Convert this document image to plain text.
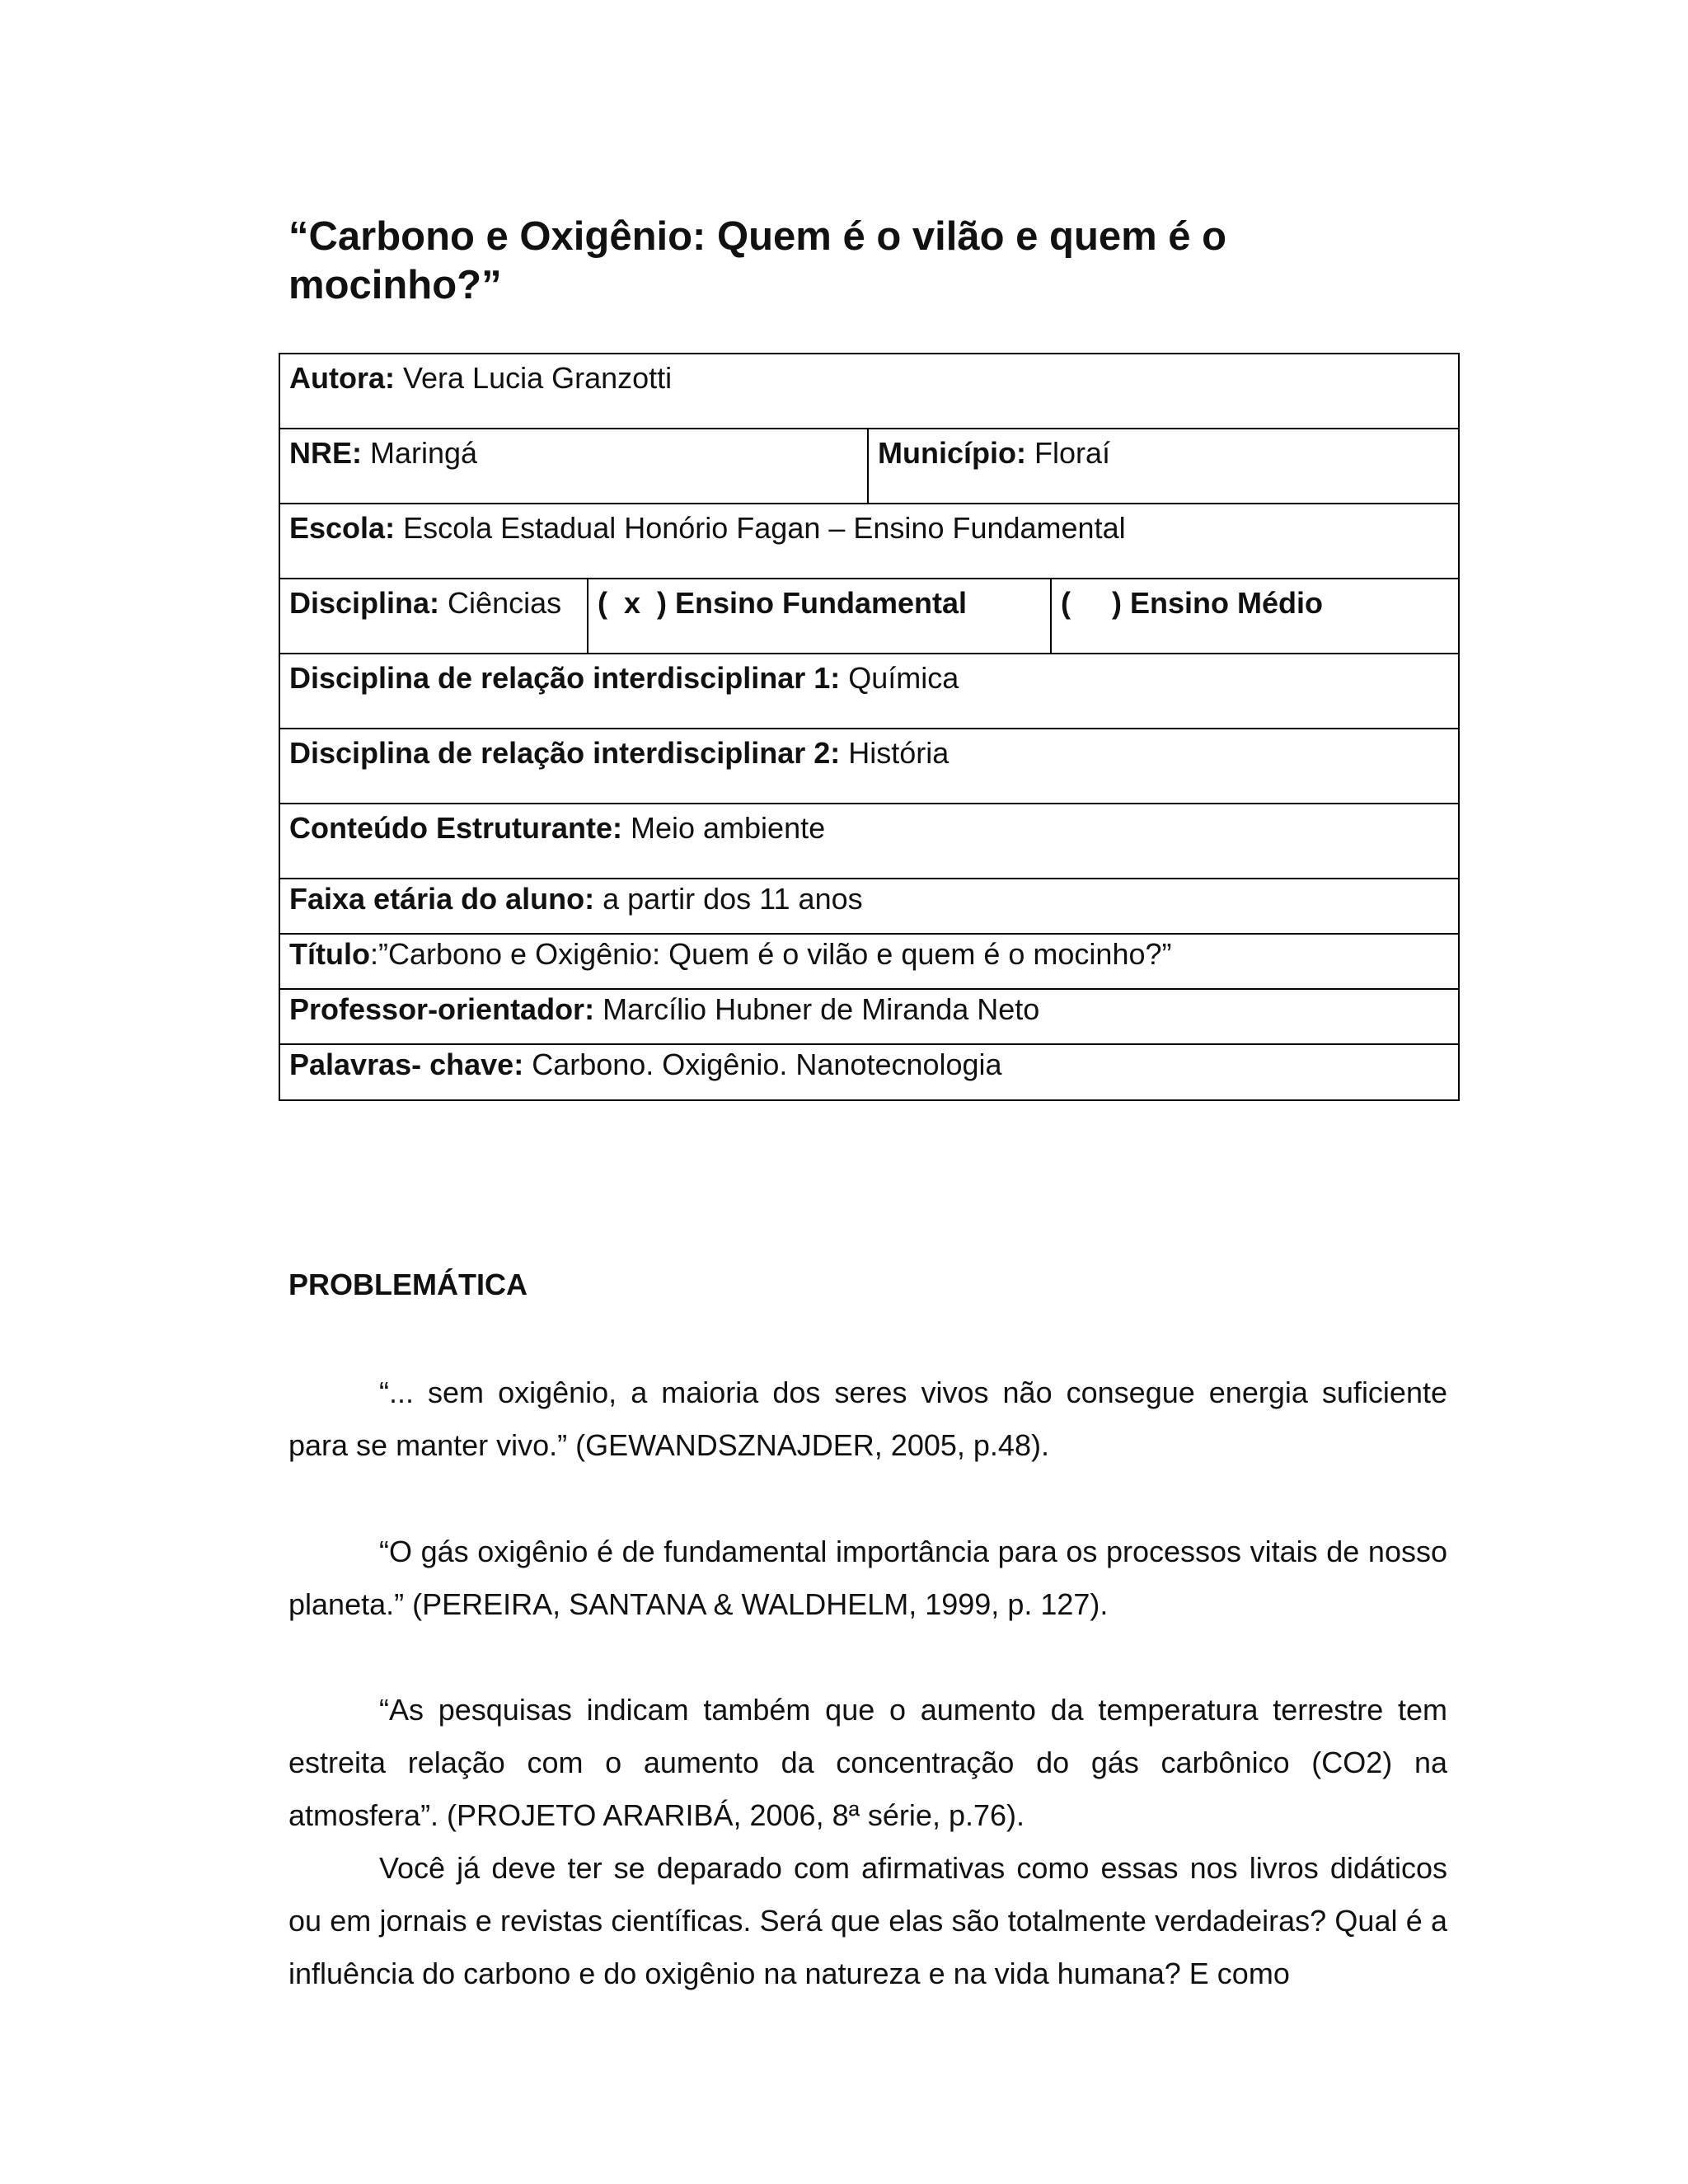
“Carbono e Oxigênio: Quem é o vilão e quem é o mocinho?”
Autora: Vera Lucia Granzotti			
NRE: Maringá		Município: Floraí	
Escola: Escola Estadual Honório Fagan – Ensino Fundamental			
Disciplina: Ciências	(  x  ) Ensino Fundamental		(     ) Ensino Médio
Disciplina de relação interdisciplinar 1: Química			
Disciplina de relação interdisciplinar 2: História			
Conteúdo Estruturante: Meio ambiente			
Faixa etária do aluno: a partir dos 11 anos			
Título:”Carbono e Oxigênio: Quem é o vilão e quem é o mocinho?”			
Professor-orientador: Marcílio Hubner de Miranda Neto			
Palavras- chave: Carbono. Oxigênio. Nanotecnologia			
PROBLEMÁTICA

“... sem oxigênio, a maioria dos seres vivos não consegue energia suficiente para se manter vivo.” (GEWANDSZNAJDER, 2005, p.48).

“O gás oxigênio é de fundamental importância para os processos vitais de nosso planeta.” (PEREIRA, SANTANA & WALDHELM, 1999, p. 127).

“As pesquisas indicam também que o aumento da temperatura terrestre tem estreita relação com o aumento da concentração do gás carbônico (CO2) na atmosfera”. (PROJETO ARARIBÁ, 2006, 8ª série, p.76).

Você já deve ter se deparado com afirmativas como essas nos livros didáticos ou em jornais e revistas científicas. Será que elas são totalmente verdadeiras? Qual é a influência do carbono e do oxigênio na natureza e na vida humana? E como
